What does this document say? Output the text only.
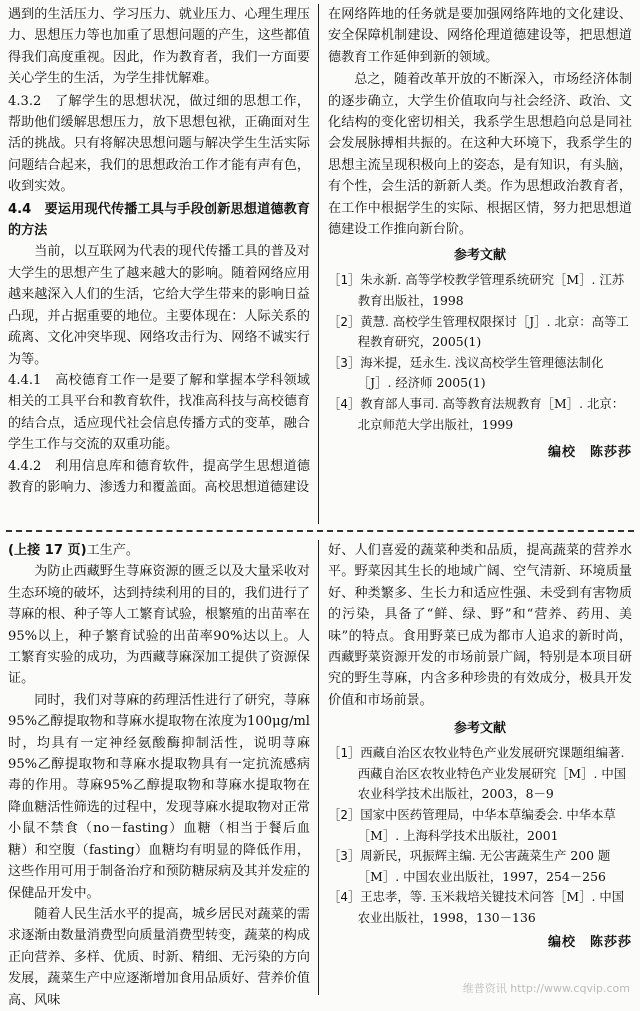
遇到的生活压力、学习压力、就业压力、心理生理压力、思想压力等也加重了思想问题的产生，这些都值得我们高度重视。因此，作为教育者，我们一方面要关心学生的生活，为学生排忧解难。

4.3.2　了解学生的思想状况，做过细的思想工作，帮助他们缓解思想压力，放下思想包袱，正确面对生活的挑战。只有将解决思想问题与解决学生生活实际问题结合起来，我们的思想政治工作才能有声有色，收到实效。

4.4　要运用现代传播工具与手段创新思想道德教育的方法

当前，以互联网为代表的现代传播工具的普及对大学生的思想产生了越来越大的影响。随着网络应用越来越深入人们的生活，它给大学生带来的影响日益凸现，并占据重要的地位。主要体现在：人际关系的疏离、文化冲突毕现、网络攻击行为、网络不诚实行为等。

4.4.1　高校德育工作一是要了解和掌握本学科领域相关的工具平台和教育软件，找准高科技与高校德育的结合点，适应现代社会信息传播方式的变革，融合学生工作与交流的双重功能。

4.4.2　利用信息库和德育软件，提高学生思想道德教育的影响力、渗透力和覆盖面。高校思想道德建设

在网络阵地的任务就是要加强网络阵地的文化建设、安全保障机制建设、网络伦理道德建设等，把思想道德教育工作延伸到新的领域。

总之，随着改革开放的不断深入，市场经济体制的逐步确立，大学生价值取向与社会经济、政治、文化结构的变化密切相关，我系学生思想趋向总是同社会发展脉搏相共振的。在这种大环境下，我系学生的思想主流呈现积极向上的姿态，是有知识，有头脑，有个性，会生活的新新人类。作为思想政治教育者，在工作中根据学生的实际、根据区情，努力把思想道德建设工作推向新台阶。

参考文献
［1］朱永新. 高等学校教学管理系统研究［M］. 江苏教育出版社，1998
［2］黄慧. 高校学生管理权限探讨［J］. 北京：高等工程教育研究，2005(1)
［3］海米提，廷永生. 浅议高校学生管理德法制化［J］. 经济师 2005(1)
［4］教育部人事司. 高等教育法规教育［M］. 北京：北京师范大学出版社，1999
编校　陈莎莎

(上接 17 页)工生产。

为防止西藏野生荨麻资源的匮乏以及大量采收对生态环境的破坏，达到持续利用的目的，我们进行了荨麻的根、种子等人工繁育试验，根繁殖的出苗率在95%以上，种子繁育试验的出苗率90%达以上。人工繁育实验的成功，为西藏荨麻深加工提供了资源保证。

同时，我们对荨麻的药理活性进行了研究，荨麻95%乙醇提取物和荨麻水提取物在浓度为100μg/ml时，均具有一定神经氨酸酶抑制活性，说明荨麻95%乙醇提取物和荨麻水提取物具有一定抗流感病毒的作用。荨麻95%乙醇提取物和荨麻水提取物在降血糖活性筛选的过程中，发现荨麻水提取物对正常小鼠不禁食（no－fasting）血糖（相当于餐后血糖）和空腹（fasting）血糖均有明显的降低作用，这些作用可用于制备治疗和预防糖尿病及其并发症的保健品开发中。

随着人民生活水平的提高，城乡居民对蔬菜的需求逐渐由数量消费型向质量消费型转变，蔬菜的构成正向营养、多样、优质、时新、精细、无污染的方向发展，蔬菜生产中应逐渐增加食用品质好、营养价值高、风味

好、人们喜爱的蔬菜种类和品质，提高蔬菜的营养水平。野菜因其生长的地域广阔、空气清新、环境质量好、种类繁多、生长力和适应性强、未受到有害物质的污染，具备了“鲜、绿、野”和“营养、药用、美味”的特点。食用野菜已成为都市人追求的新时尚，西藏野菜资源开发的市场前景广阔，特别是本项目研究的野生荨麻，内含多种珍贵的有效成分，极具开发价值和市场前景。

参考文献
［1］西藏自治区农牧业特色产业发展研究课题组编著. 西藏自治区农牧业特色产业发展研究［M］. 中国农业科学技术出版社，2003，8－9
［2］国家中医药管理局，中华本草编委会. 中华本草［M］. 上海科学技术出版社，2001
［3］周新民，巩振辉主编. 无公害蔬菜生产 200 题［M］. 中国农业出版社，1997，254－256
［4］王忠孝，等. 玉米栽培关键技术问答［M］. 中国农业出版社，1998，130－136
编校　陈莎莎
维普资讯 http://www.cqvip.com
